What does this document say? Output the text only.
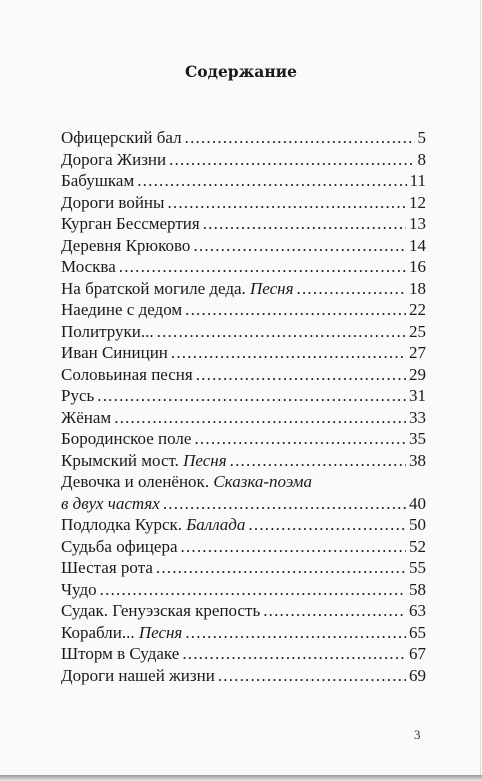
Содержание
Офицерский бал .....	5
Дорога Жизни .....	8
Бабушкам .....	11
Дороги войны .....	12
Курган Бессмертия .....	13
Деревня Крюково .....	14
Москва .....	16
На братской могиле деда. Песня .....	18
Наедине с дедом .....	22
Политруки... .....	25
Иван Синицин .....	27
Соловьиная песня .....	29
Русь .....	31
Жёнам .....	33
Бородинское поле .....	35
Крымский мост. Песня .....	38
Девочка и оленёнок. Сказка-поэма
в двух частях .....	40
Подлодка Курск. Баллада .....	50
Судьба офицера .....	52
Шестая рота .....	55
Чудо .....	58
Судак. Генуэзская крепость .....	63
Корабли... Песня .....	65
Шторм в Судаке .....	67
Дороги нашей жизни .....	69
3
